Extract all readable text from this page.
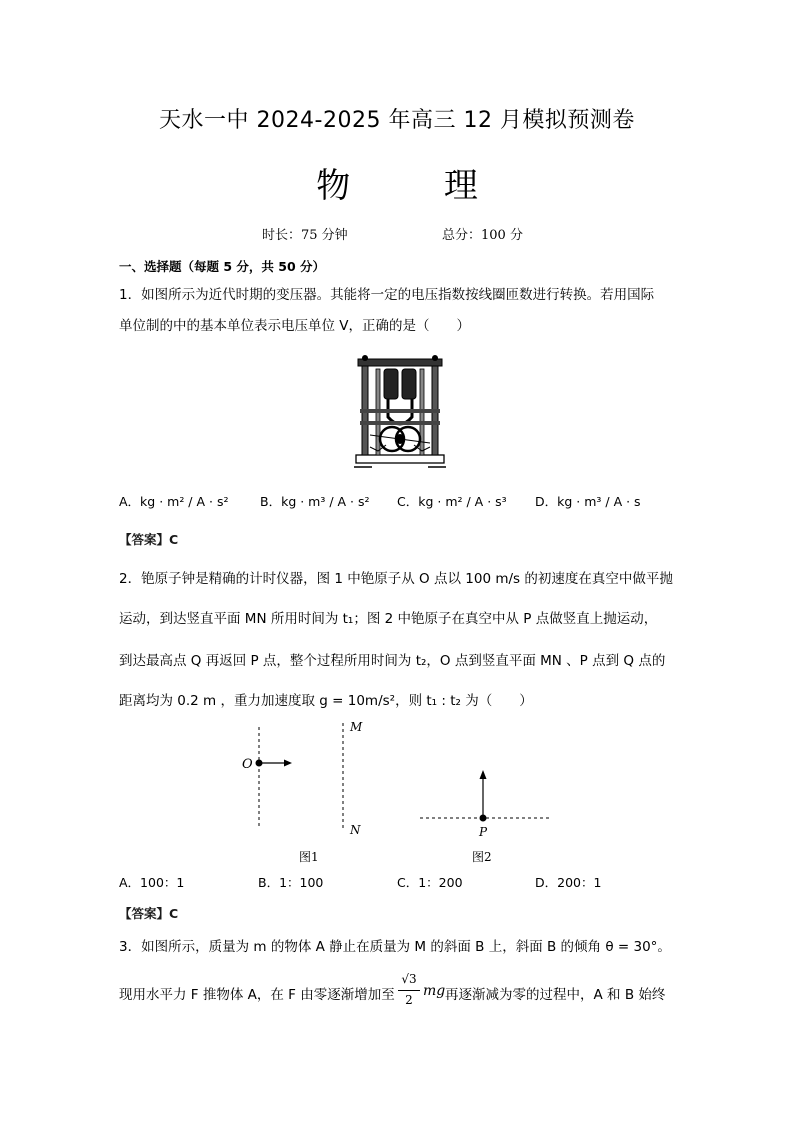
天水一中 2024-2025 年高三 12 月模拟预测卷
物	理
时长：75 分钟	总分：100 分
一、选择题（每题 5 分，共 50 分）
1．如图所示为近代时期的变压器。其能将一定的电压指数按线圈匝数进行转换。若用国际
单位制的中的基本单位表示电压单位 V，正确的是（　　）
A．kg · m² / A · s²	B．kg · m³ / A · s² C．kg · m² / A · s³ D．kg · m³ / A · s
【答案】C
2．铯原子钟是精确的计时仪器，图 1 中铯原子从 O 点以 100 m/s 的初速度在真空中做平抛
运动，到达竖直平面 MN 所用时间为 t₁；图 2 中铯原子在真空中从 P 点做竖直上抛运动，
到达最高点 Q 再返回 P 点，整个过程所用时间为 t₂，O 点到竖直平面 MN 、P 点到 Q 点的
距离均为 0.2 m ，重力加速度取 g = 10m/s²，则 t₁ : t₂ 为（　　）
O
M
N
图1
P
图2
A．100：1	B．1：100	C．1：200	D．200：1
【答案】C
3．如图所示，质量为 m 的物体 A 静止在质量为 M 的斜面 B 上，斜面 B 的倾角 θ = 30°。
现用水平力 F 推物体 A，在 F 由零逐渐增加至
√3
2
mg 再逐渐减为零的过程中，A 和 B 始终
